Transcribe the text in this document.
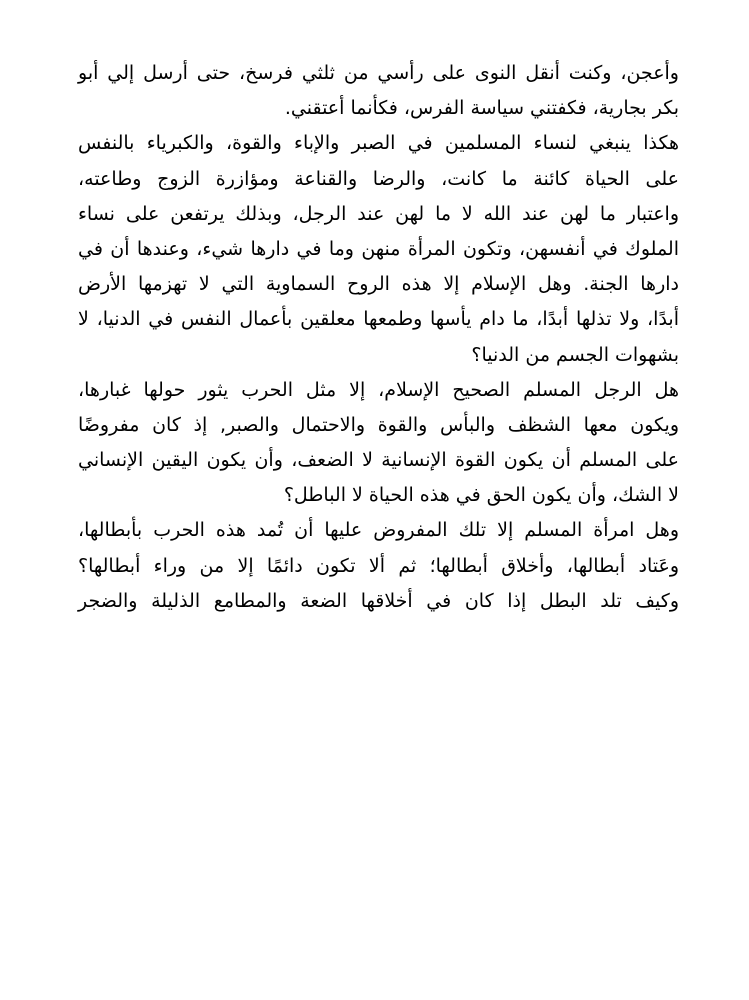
وأعجن، وكنت أنقل النوى على رأسي من ثلثي فرسخ، حتى أرسل إلي أبو
بكر بجارية، فكفتني سياسة الفرس، فكأنما أعتقني.
هكذا ينبغي لنساء المسلمين في الصبر والإباء والقوة، والكبرياء بالنفس
على الحياة كائنة ما كانت، والرضا والقناعة ومؤازرة الزوج وطاعته،
واعتبار ما لهن عند الله لا ما لهن عند الرجل، وبذلك يرتفعن على نساء
الملوك في أنفسهن، وتكون المرأة منهن وما في دارها شيء، وعندها أن في
دارها الجنة. وهل الإسلام إلا هذه الروح السماوية التي لا تهزمها الأرض
أبدًا، ولا تذلها أبدًا، ما دام يأسها وطمعها معلقين بأعمال النفس في الدنيا، لا
بشهوات الجسم من الدنيا؟
هل الرجل المسلم الصحيح الإسلام، إلا مثل الحرب يثور حولها غبارها،
ويكون معها الشظف والبأس والقوة والاحتمال والصبر, إذ كان مفروضًا
على المسلم أن يكون القوة الإنسانية لا الضعف، وأن يكون اليقين الإنساني
لا الشك، وأن يكون الحق في هذه الحياة لا الباطل؟
وهل امرأة المسلم إلا تلك المفروض عليها أن تُمد هذه الحرب بأبطالها،
وعَتاد أبطالها، وأخلاق أبطالها؛ ثم ألا تكون دائمًا إلا من وراء أبطالها؟
وكيف تلد البطل إذا كان في أخلاقها الضعة والمطامع الذليلة والضجر
